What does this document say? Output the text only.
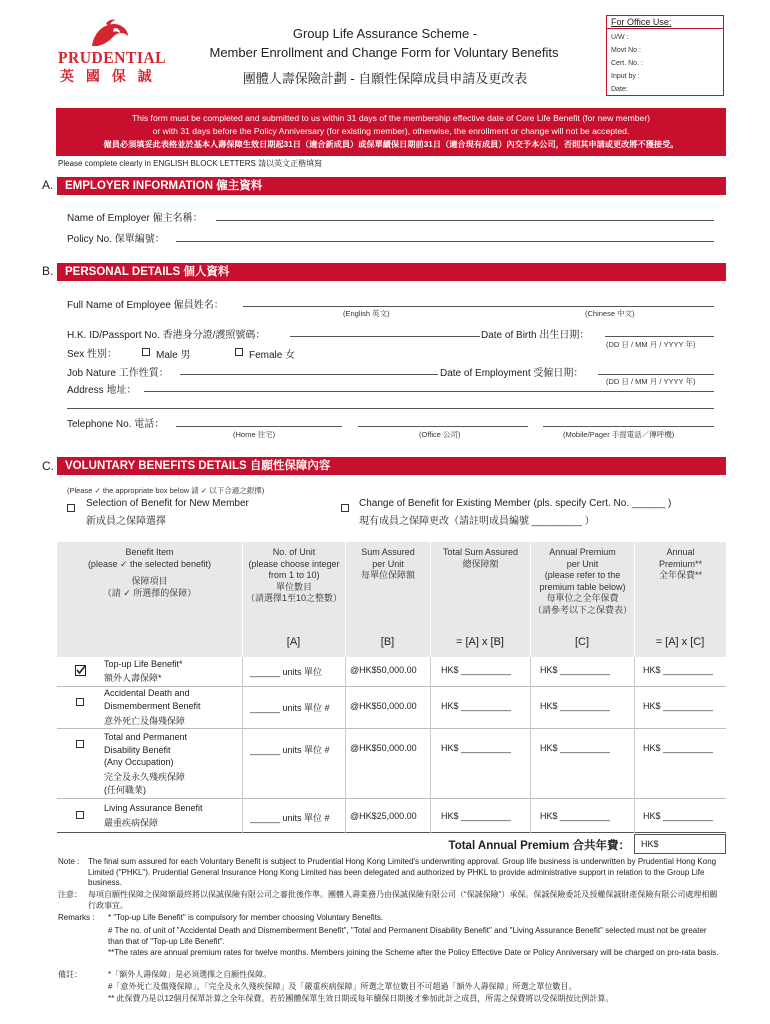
PRUDENTIAL
英 國 保 誠
Group Life Assurance Scheme -
Member Enrollment and Change Form for Voluntary Benefits
團體人壽保險計劃 - 自願性保障成員申請及更改表
For Office Use:
U/W :
Movt No :
Cert. No. :
Input by :
Date:
This form must be completed and submitted to us within 31 days of the membership effective date of Core Life Benefit (for new member)
or with 31 days before the Policy Anniversary (for existing member), otherwise, the enrollment or change will not be accepted.
僱員必須填妥此表格並於基本人壽保障生效日期起31日（適合新成員）或保單續保日期前31日（適合現有成員）內交予本公司，否則其申請或更改將不獲接受。
Please complete clearly in ENGLISH BLOCK LETTERS 請以英文正楷填寫
A.	EMPLOYER INFORMATION 僱主資料
Name of Employer 僱主名稱：
Policy No. 保單編號：
B.	PERSONAL DETAILS 個人資料
Full Name of Employee 僱員姓名：
(English 英文)	(Chinese 中文)
H.K. ID/Passport No. 香港身分證/護照號碼：	Date of Birth 出生日期：
(DD 日 / MM 月 / YYYY 年)
Sex 性別：	Male 男	Female 女
Job Nature 工作性質：	Date of Employment 受僱日期：
(DD 日 / MM 月 / YYYY 年)
Address 地址：
Telephone No. 電話：
(Home 住宅)	(Office 公司)	(Mobile/Pager 手提電話／傳呼機)
C. VOLUNTARY BENEFITS DETAILS 自願性保障內容
(Please ✓ the appropriate box below 請 ✓ 以下合適之銀擇)
Selection of Benefit for New Member
新成員之保障選擇
Change of Benefit for Existing Member (pls. specify Cert. No. ______ )
現有成員之保障更改（請註明成員編號 _________ ）
Benefit Item
(please ✓ the selected benefit)
保障項目
（請 ✓ 所選擇的保障）
No. of Unit
(please choose integer
from 1 to 10)
單位數目
（請選擇1至10之整數）
Sum Assured
per Unit
每單位保障額
Total Sum Assured
總保障額
Annual Premium
per Unit
(please refer to the
premium table below)
每單位之全年保費
（請參考以下之保費表）
Annual
Premium**
全年保費**
[A]	[B]	= [A] x [B]	[C]	= [A] x [C]
Top-up Life Benefit*
額外人壽保障*
______ units 單位	@HK$50,000.00	HK$ __________	HK$ __________	HK$ __________
Accidental Death and
Dismemberment Benefit
意外死亡及傷殘保障
______ units 單位 # @HK$50,000.00	HK$ __________	HK$ __________	HK$ __________
Total and Permanent
Disability Benefit
(Any Occupation)
完全及永久殘疾保障
(任何職業)
______ units 單位 # @HK$50,000.00	HK$ __________	HK$ __________	HK$ __________
Living Assurance Benefit
嚴重疾病保障	______ units 單位 # @HK$25,000.00	HK$ __________	HK$ __________	HK$ __________
Total Annual Premium 合共年費： HK$
Note : The final sum assured for each Voluntary Benefit is subject to Prudential Hong Kong Limited's underwriting approval. Group life business is underwritten by Prudential Hong Kong Limited ("PHKL"). Prudential General Insurance Hong Kong Limited has been delegated and authorized by PHKL to provide administrative support in relation to the Group Life business.
注意： 每項自願性保障之保障額最終將以保誠保險有限公司之審批後作準。團體人壽業務乃由保誠保險有限公司（“保誠保險”）承保。保誠保險委託及授權保誠財產保險有限公司處理相關行政事宜。
Remarks : * "Top-up Life Benefit" is compulsory for member choosing Voluntary Benefits.
# The no. of unit of "Accidental Death and Dismemberment Benefit", "Total and Permanent Disability Benefit" and "Living Assurance Benefit" selected must not be greater than that of "Top-up Life Benefit".
**The rates are annual premium rates for twelve months. Members joining the Scheme after the Policy Effective Date or Policy Anniversary will be charged on pro-rata basis.
備註：	*「額外人壽保障」是必須選擇之自願性保障。
#「意外死亡及傷殘保障」、「完全及永久殘疾保障」及「嚴重疾病保障」所選之單位數目不可超過「額外人壽保障」所選之單位數目。
** 此保費乃是以12個月保單計算之全年保費。若於團體保單生效日期或每年續保日期後才參加此計之成員，所需之保費將以受保期按比例計算。
